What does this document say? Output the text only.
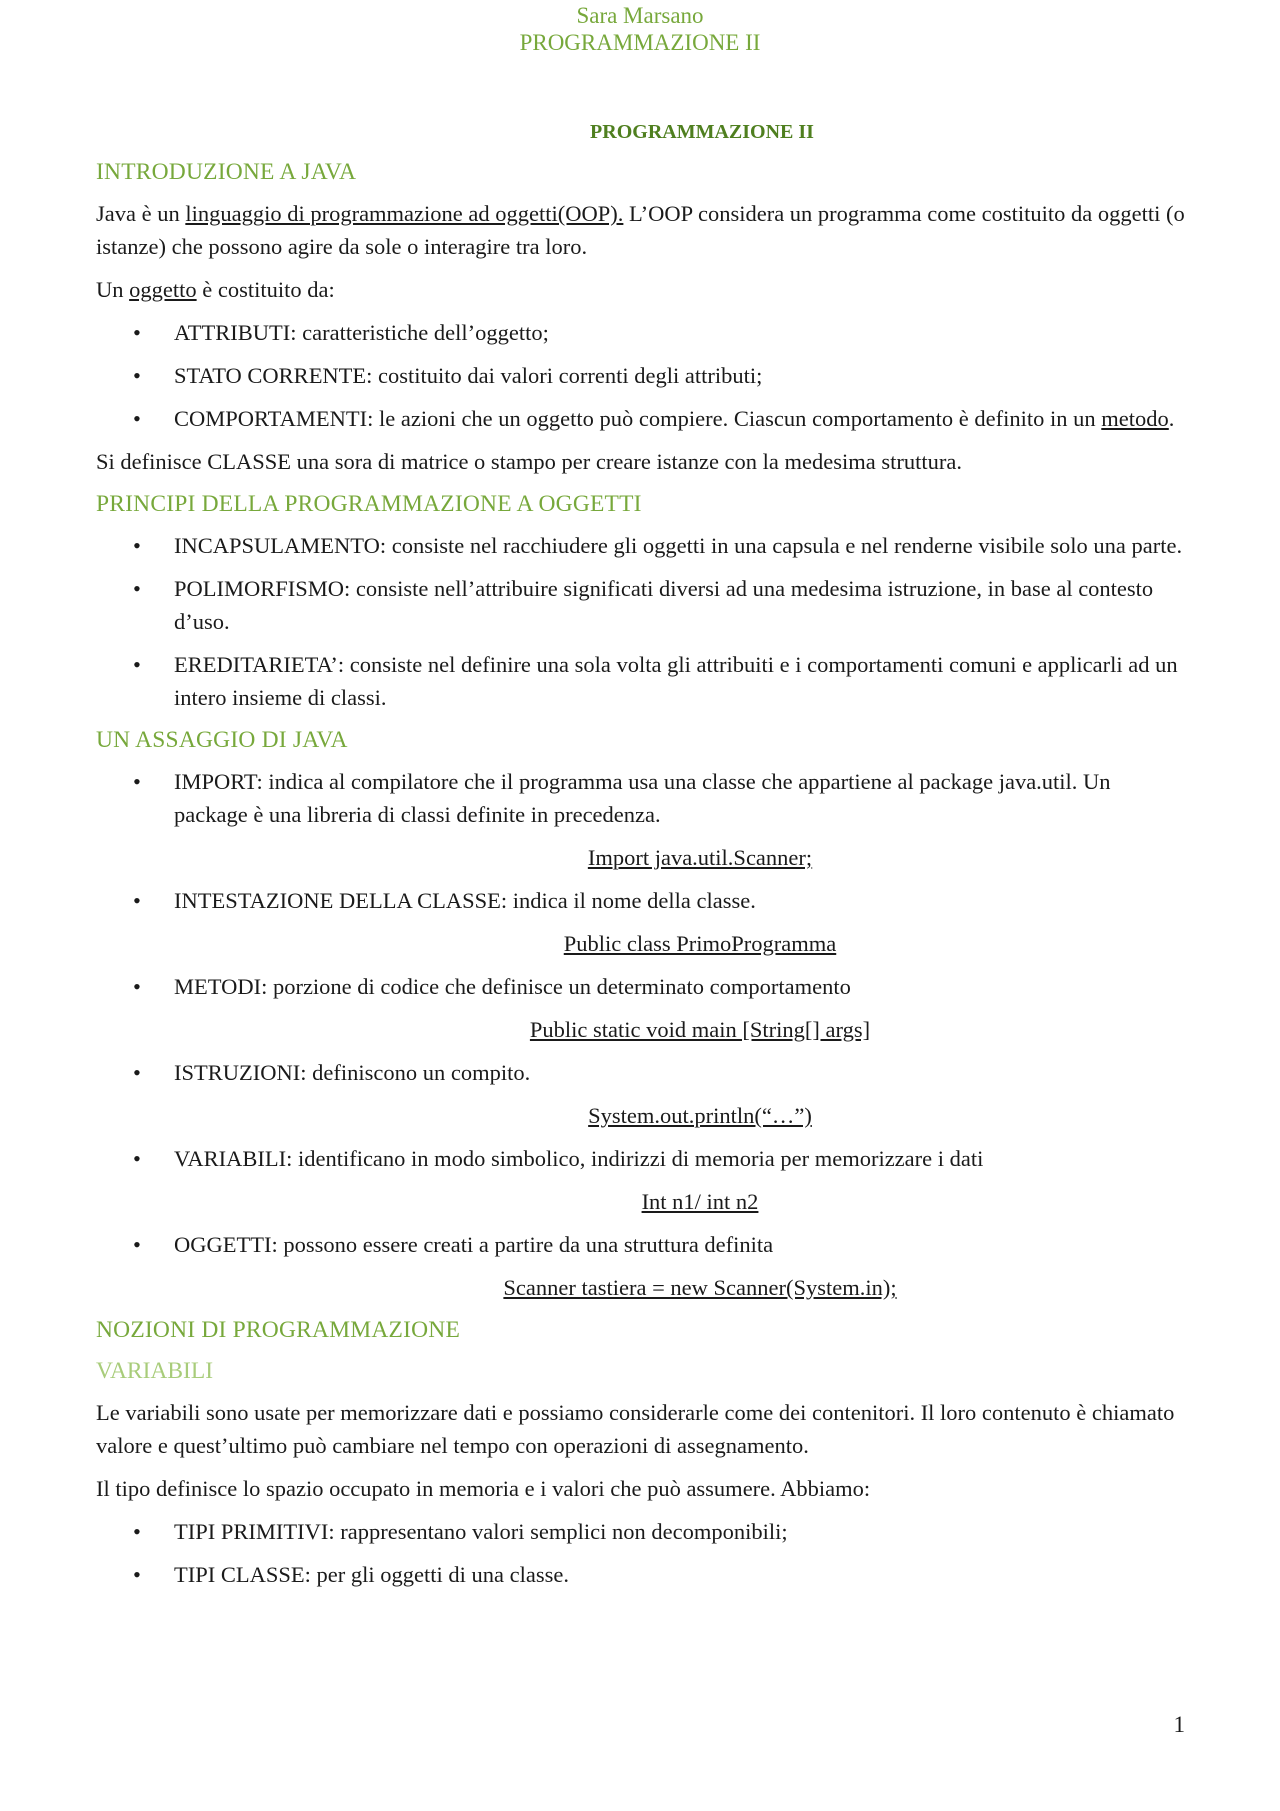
Sara Marsano
PROGRAMMAZIONE II
PROGRAMMAZIONE II
INTRODUZIONE A JAVA

Java è un linguaggio di programmazione ad oggetti(OOP). L’OOP considera un programma come costituito da oggetti (o istanze) che possono agire da sole o interagire tra loro.

Un oggetto è costituito da:

• ATTRIBUTI: caratteristiche dell’oggetto;
• STATO CORRENTE: costituito dai valori correnti degli attributi;
• COMPORTAMENTI: le azioni che un oggetto può compiere. Ciascun comportamento è definito in un metodo.

Si definisce CLASSE una sora di matrice o stampo per creare istanze con la medesima struttura.

PRINCIPI DELLA PROGRAMMAZIONE A OGGETTI
• INCAPSULAMENTO: consiste nel racchiudere gli oggetti in una capsula e nel renderne visibile solo una parte.
• POLIMORFISMO: consiste nell’attribuire significati diversi ad una medesima istruzione, in base al contesto d’uso.
• EREDITARIETA’: consiste nel definire una sola volta gli attribuiti e i comportamenti comuni e applicarli ad un intero insieme di classi.
UN ASSAGGIO DI JAVA
• IMPORT: indica al compilatore che il programma usa una classe che appartiene al package java.util. Un package è una libreria di classi definite in precedenza.
Import java.util.Scanner;
• INTESTAZIONE DELLA CLASSE: indica il nome della classe.
Public class PrimoProgramma
• METODI: porzione di codice che definisce un determinato comportamento
Public static void main [String[] args]
• ISTRUZIONI: definiscono un compito.
System.out.println(“…”)
• VARIABILI: identificano in modo simbolico, indirizzi di memoria per memorizzare i dati
Int n1/ int n2
• OGGETTI: possono essere creati a partire da una struttura definita
Scanner tastiera = new Scanner(System.in);
NOZIONI DI PROGRAMMAZIONE
VARIABILI

Le variabili sono usate per memorizzare dati e possiamo considerarle come dei contenitori. Il loro contenuto è chiamato valore e quest’ultimo può cambiare nel tempo con operazioni di assegnamento.

Il tipo definisce lo spazio occupato in memoria e i valori che può assumere. Abbiamo:

• TIPI PRIMITIVI: rappresentano valori semplici non decomponibili;
• TIPI CLASSE: per gli oggetti di una classe.
1
